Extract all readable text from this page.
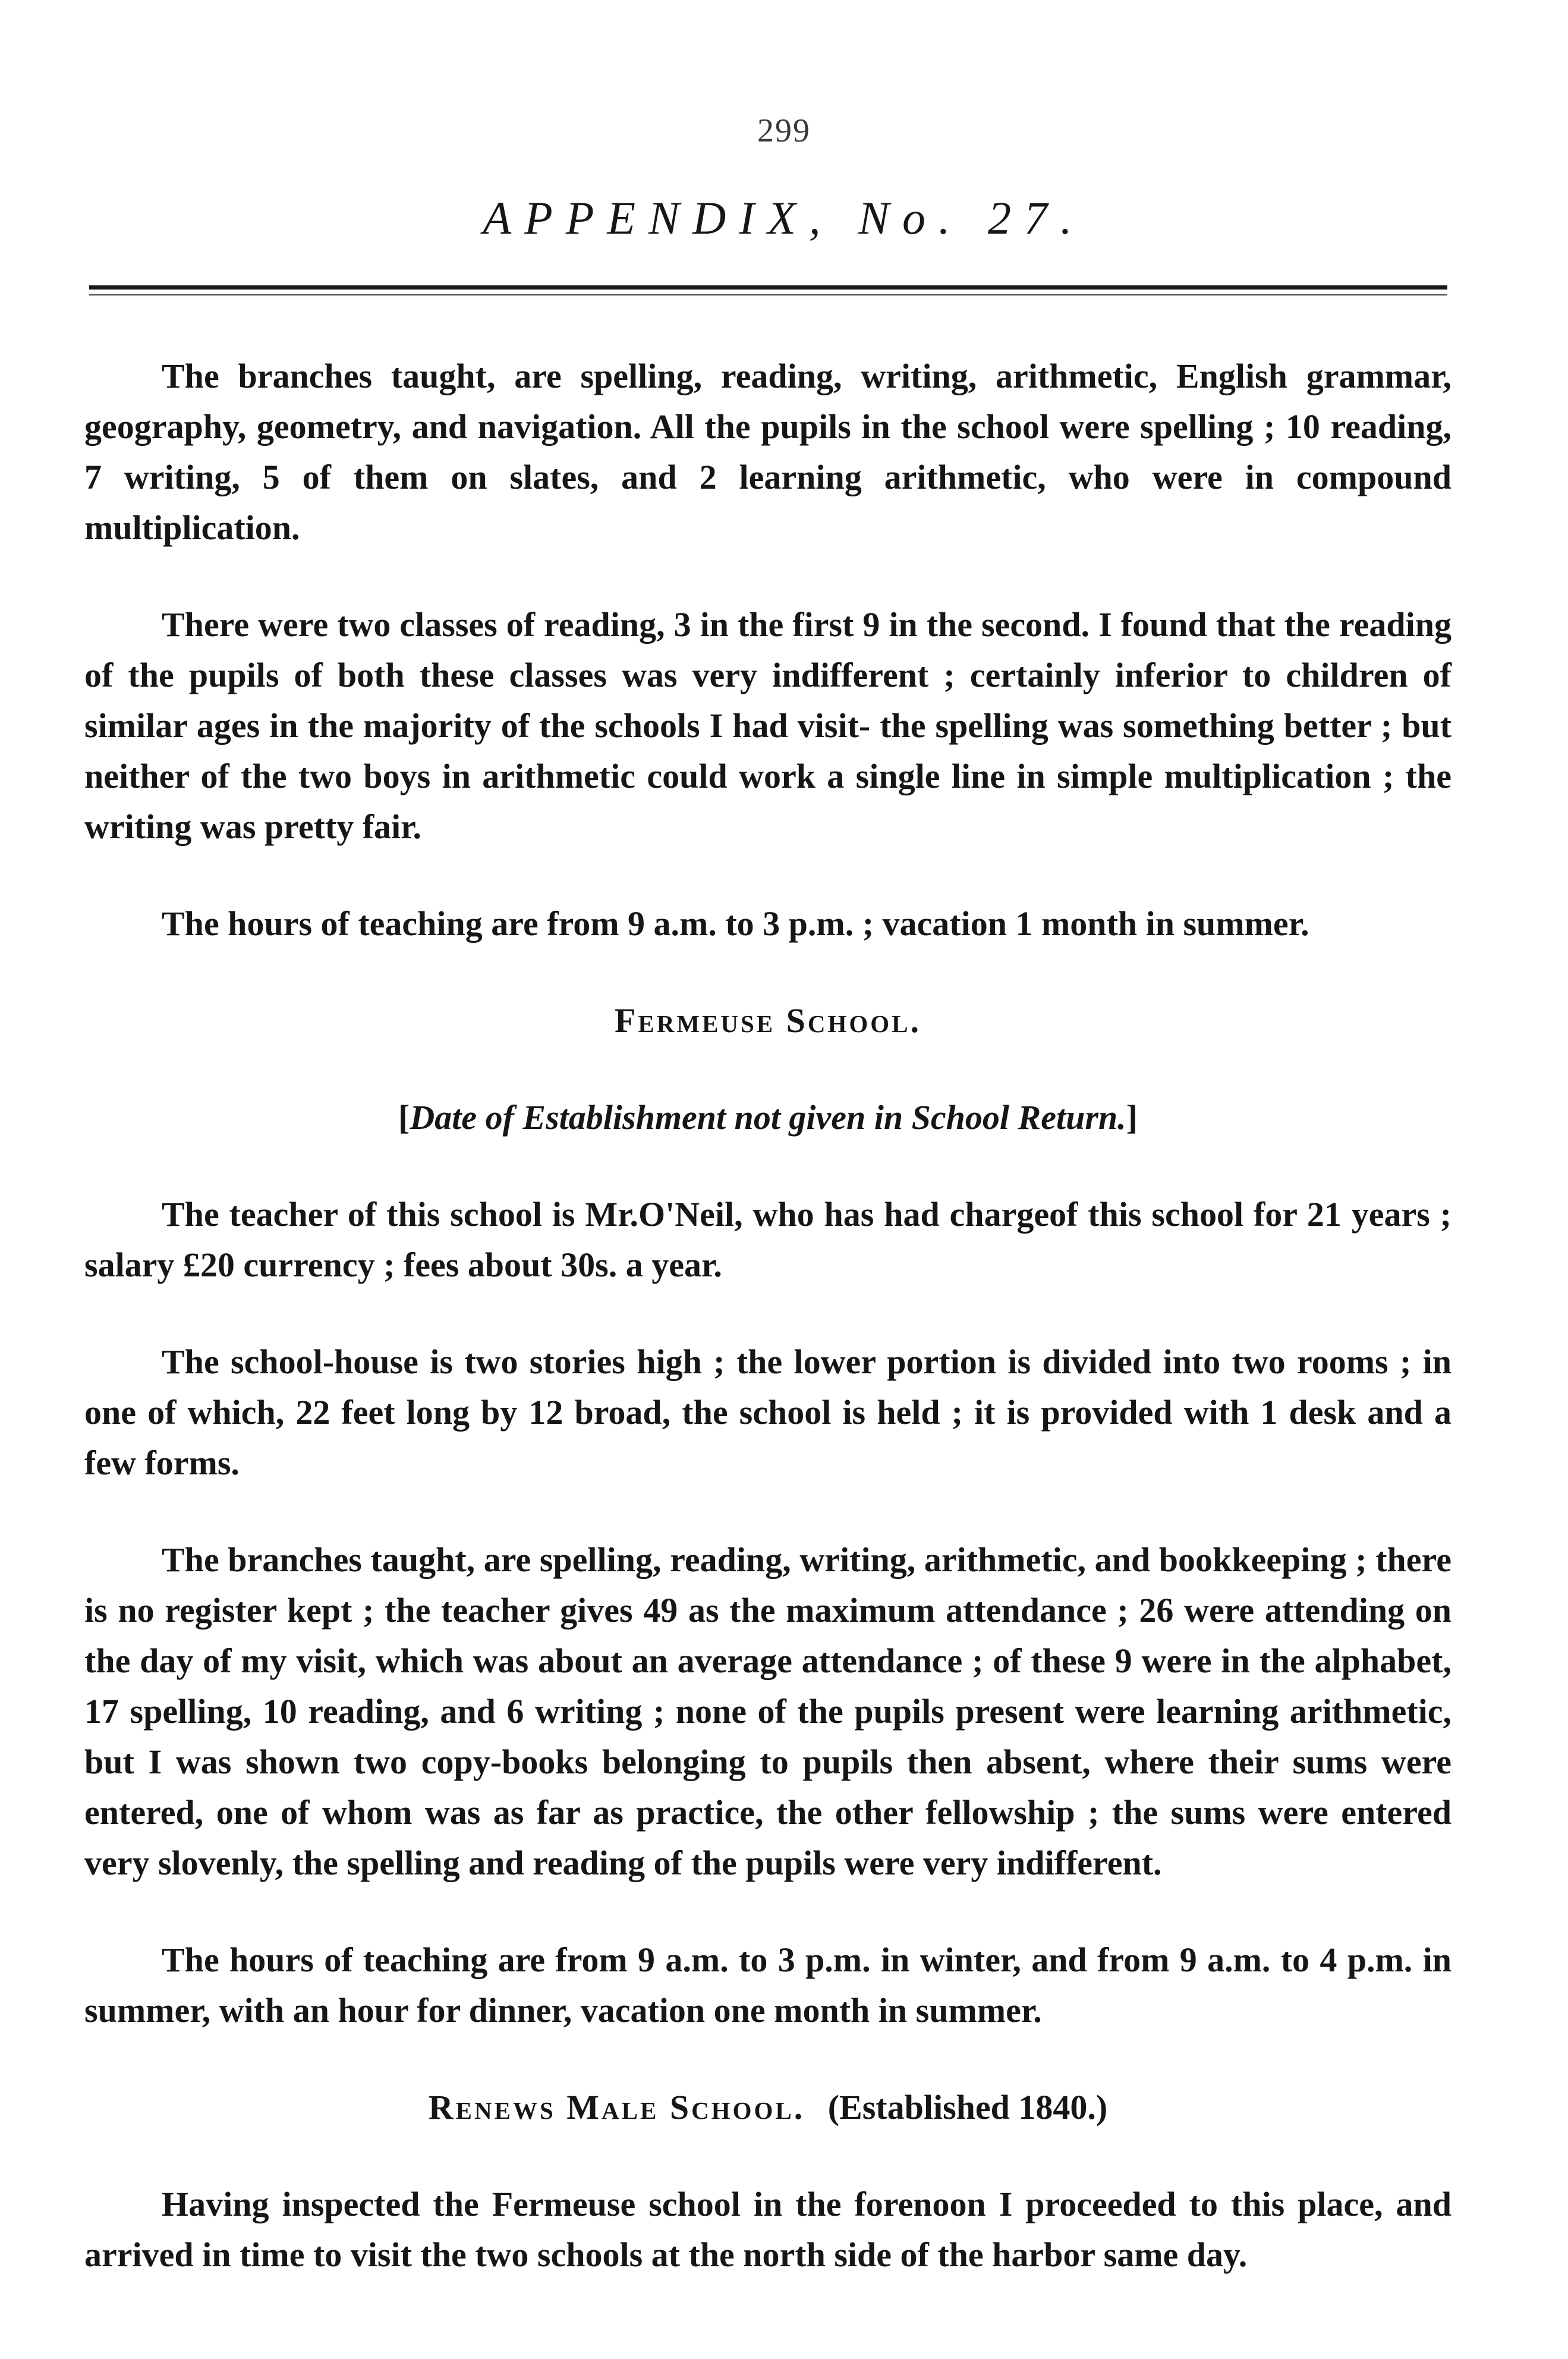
299
APPENDIX, No. 27.

The branches taught, are spelling, reading, writing, arithmetic, English grammar, geography, geometry, and navigation. All the pupils in the school were spelling ; 10 reading, 7 writing, 5 of them on slates, and 2 learning arithmetic, who were in compound multiplication.

There were two classes of reading, 3 in the first 9 in the second. I found that the reading of the pupils of both these classes was very indifferent ; certainly inferior to children of similar ages in the majority of the schools I had visit- the spelling was something better ; but neither of the two boys in arithmetic could work a single line in simple multiplication ; the writing was pretty fair.

The hours of teaching are from 9 a.m. to 3 p.m. ; vacation 1 month in summer.

Fermeuse School.

[Date of Establishment not given in School Return.]

The teacher of this school is Mr.O'Neil, who has had chargeof this school for 21 years ; salary £20 currency ; fees about 30s. a year.

The school-house is two stories high ; the lower portion is divided into two rooms ; in one of which, 22 feet long by 12 broad, the school is held ; it is provided with 1 desk and a few forms.

The branches taught, are spelling, reading, writing, arithmetic, and bookkeeping ; there is no register kept ; the teacher gives 49 as the maximum attendance ; 26 were attending on the day of my visit, which was about an average attendance ; of these 9 were in the alphabet, 17 spelling, 10 reading, and 6 writing ; none of the pupils present were learning arithmetic, but I was shown two copy-books belonging to pupils then absent, where their sums were entered, one of whom was as far as practice, the other fellowship ; the sums were entered very slovenly, the spelling and reading of the pupils were very indifferent.

The hours of teaching are from 9 a.m. to 3 p.m. in winter, and from 9 a.m. to 4 p.m. in summer, with an hour for dinner, vacation one month in summer.

Renews Male School. (Established 1840.)

Having inspected the Fermeuse school in the forenoon I proceeded to this place, and arrived in time to visit the two schools at the north side of the harbor same day.
